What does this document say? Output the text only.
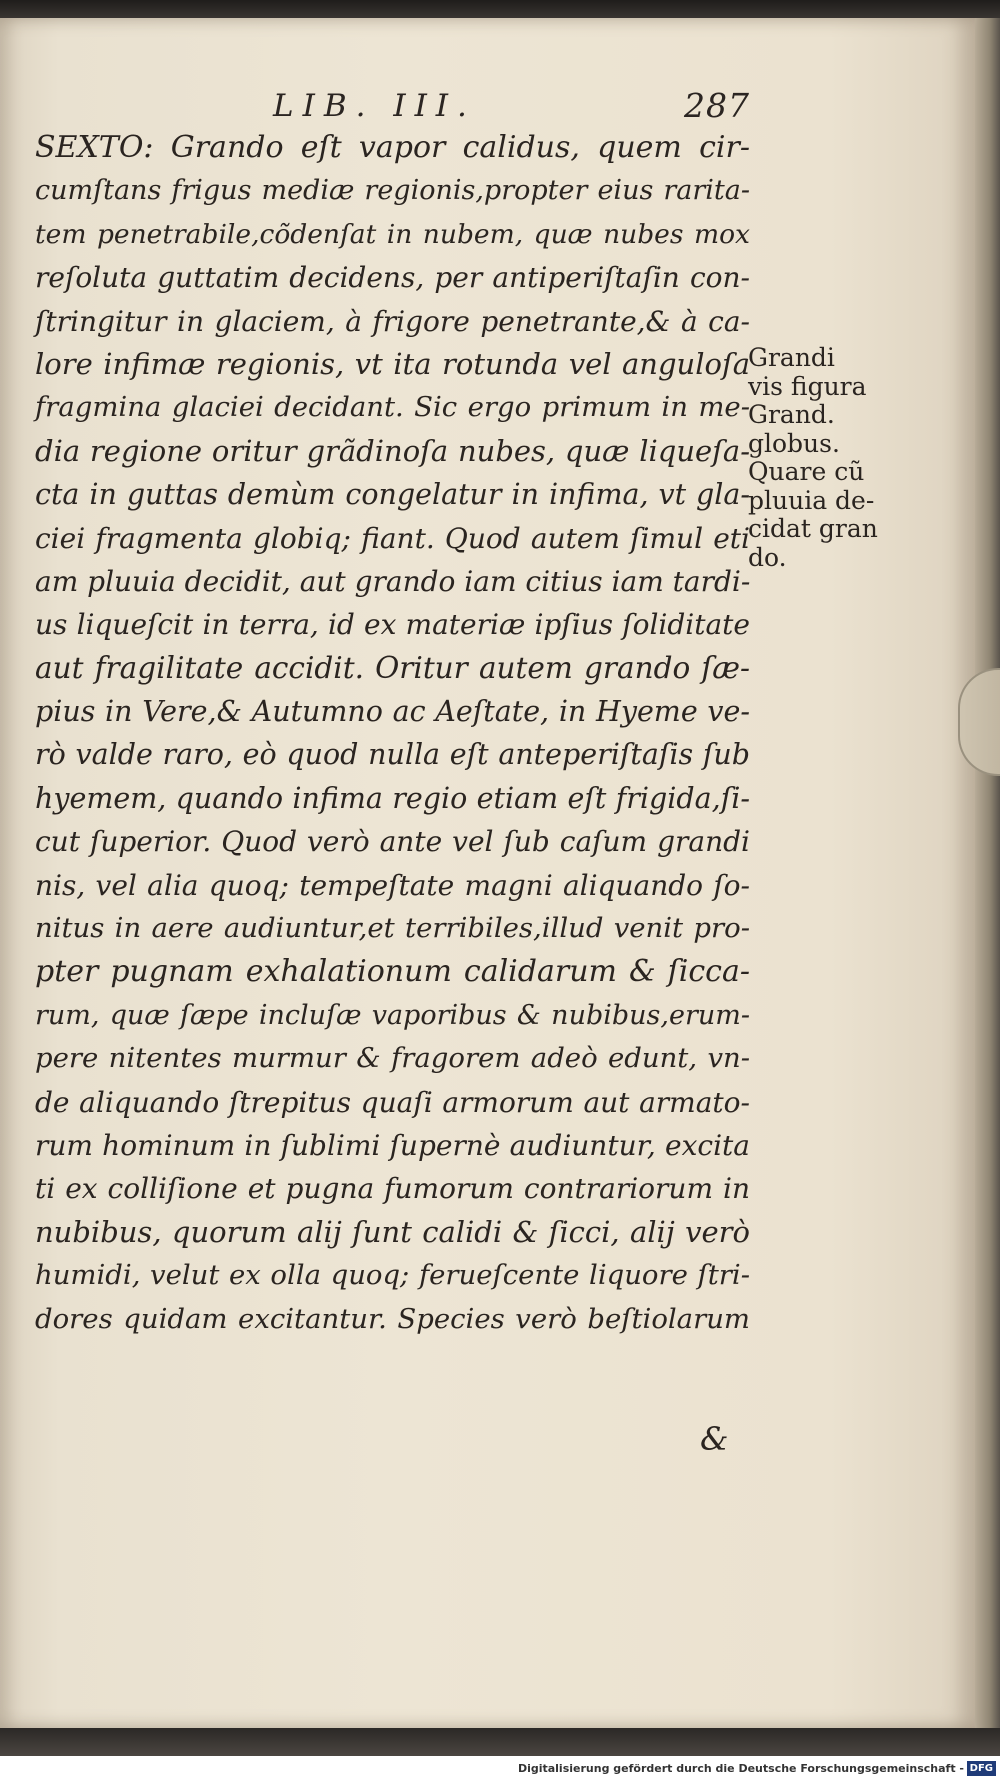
LIB. III.	287
SEXTO: Grando eſt vapor calidus, quem cir-
cumſtans frigus mediæ regionis,propter eius rarita-
tem penetrabile,cõdenſat in nubem, quæ nubes mox
reſoluta guttatim decidens, per antiperiſtaſin con-
ſtringitur in glaciem, à frigore penetrante,& à ca-
lore infimæ regionis, vt ita rotunda vel anguloſa
fragmina glaciei decidant. Sic ergo primum in me-
dia regione oritur grãdinoſa nubes, quæ liqueſa-
cta in guttas demùm congelatur in infima, vt gla-
ciei fragmenta globiq; fiant. Quod autem ſimul eti
am pluuia decidit, aut grando iam citius iam tardi-
us liqueſcit in terra, id ex materiæ ipſius ſoliditate
aut fragilitate accidit. Oritur autem grando ſæ-
pius in Vere,& Autumno ac Aeſtate, in Hyeme ve-
rò valde raro, eò quod nulla eſt anteperiſtaſis ſub
hyemem, quando infima regio etiam eſt frigida,ſi-
cut ſuperior. Quod verò ante vel ſub caſum grandi
nis, vel alia quoq; tempeſtate magni aliquando ſo-
nitus in aere audiuntur,et terribiles,illud venit pro-
pter pugnam exhalationum calidarum & ſicca-
rum, quæ ſæpe incluſæ vaporibus & nubibus,erum-
pere nitentes murmur & fragorem adeò edunt, vn-
de aliquando ſtrepitus quaſi armorum aut armato-
rum hominum in ſublimi ſupernè audiuntur, excita
ti ex colliſione et pugna fumorum contrariorum in
nubibus, quorum alij ſunt calidi & ſicci, alij verò
humidi, velut ex olla quoq; ferueſcente liquore ſtri-
dores quidam excitantur. Species verò beſtiolarum
&
Grandi
vis figura
Grand.
globus.
Quare cũ
pluuia de-
cidat gran
do.
Digitalisierung gefördert durch die Deutsche Forschungsgemeinschaft - DFG
